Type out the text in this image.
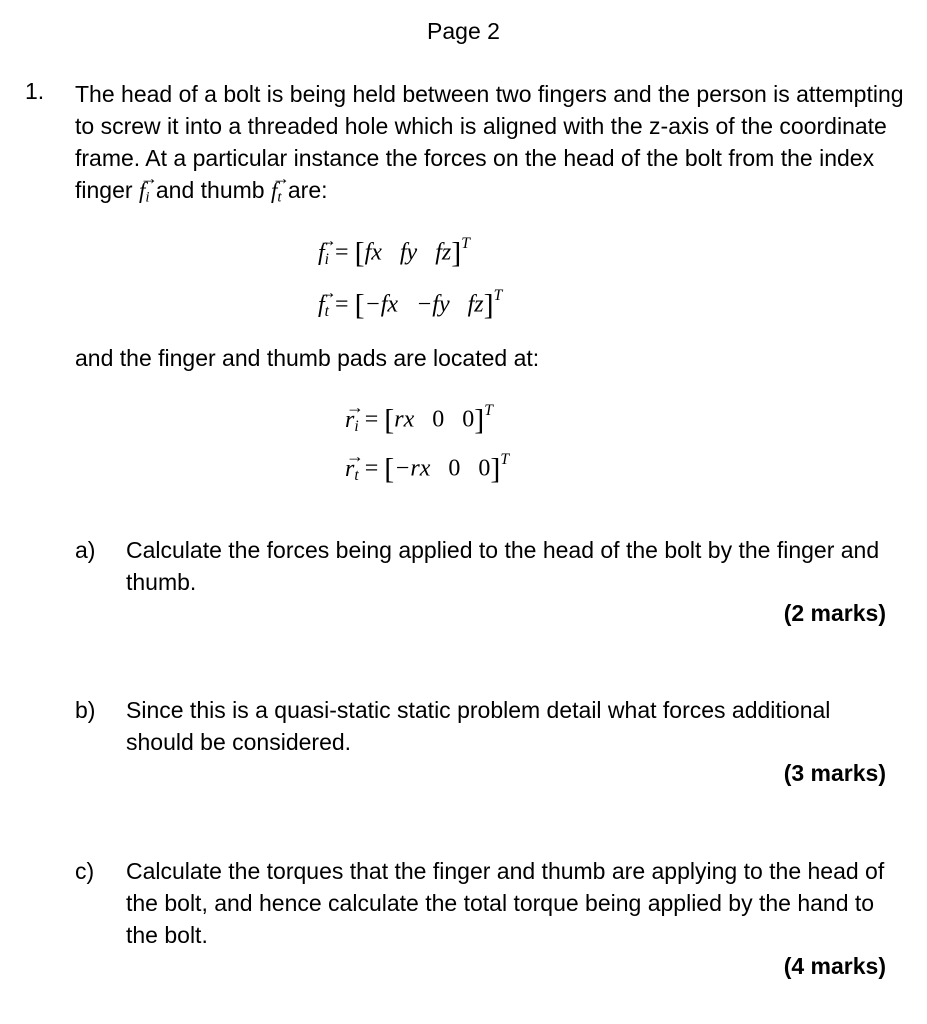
Page 2
1. The head of a bolt is being held between two fingers and the person is attempting to screw it into a threaded hole which is aligned with the z-axis of the coordinate frame. At a particular instance the forces on the head of the bolt from the index finger → $f_i$ and thumb → $f_t$ are:
→ $f_i = [fx$ fy fz]$^T$
→ $f_t = [-fx -fy$ fz]$^T$
and the finger and thumb pads are located at:
→ $r_i = [rx$ 0 0]$^T$
→ $r_t = [-rx$ 0 0]$^T$
a) Calculate the forces being applied to the head of the bolt by the finger and thumb.
(2 marks)
b) Since this is a quasi-static static problem detail what forces additional should be considered.
(3 marks)
c) Calculate the torques that the finger and thumb are applying to the head of the bolt, and hence calculate the total torque being applied by the hand to the bolt.
(4 marks)
